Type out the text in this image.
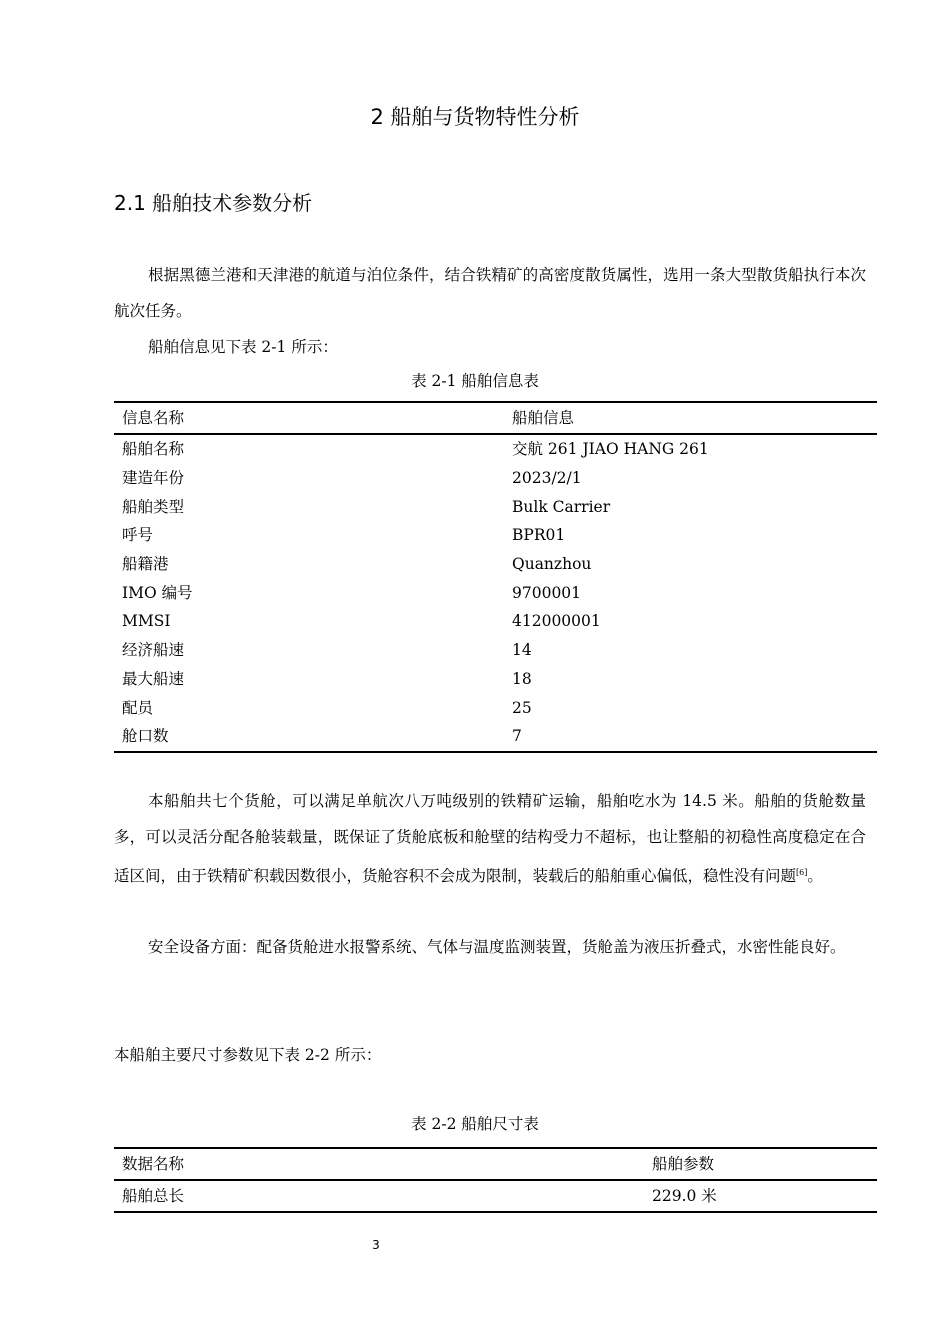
2 船舶与货物特性分析
2.1 船舶技术参数分析
根据黑德兰港和天津港的航道与泊位条件，结合铁精矿的高密度散货属性，选用一条大型散货船执行本次航次任务。
船舶信息见下表 2-1 所示：
表 2-1 船舶信息表
信息名称	船舶信息
船舶名称	交航 261 JIAO HANG 261
建造年份	2023/2/1
船舶类型	Bulk Carrier
呼号	BPR01
船籍港	Quanzhou
IMO 编号	9700001
MMSI	412000001
经济船速	14
最大船速	18
配员	25
舱口数	7
本船舶共七个货舱，可以满足单航次八万吨级别的铁精矿运输，船舶吃水为 14.5 米。船舶的货舱数量多，可以灵活分配各舱装载量，既保证了货舱底板和舱壁的结构受力不超标，也让整船的初稳性高度稳定在合适区间，由于铁精矿积载因数很小，货舱容积不会成为限制，装载后的船舶重心偏低，稳性没有问题[6]。
安全设备方面：配备货舱进水报警系统、气体与温度监测装置，货舱盖为液压折叠式，水密性能良好。
本船舶主要尺寸参数见下表 2-2 所示：
表 2-2 船舶尺寸表
数据名称	船舶参数
船舶总长	229.0 米
3
